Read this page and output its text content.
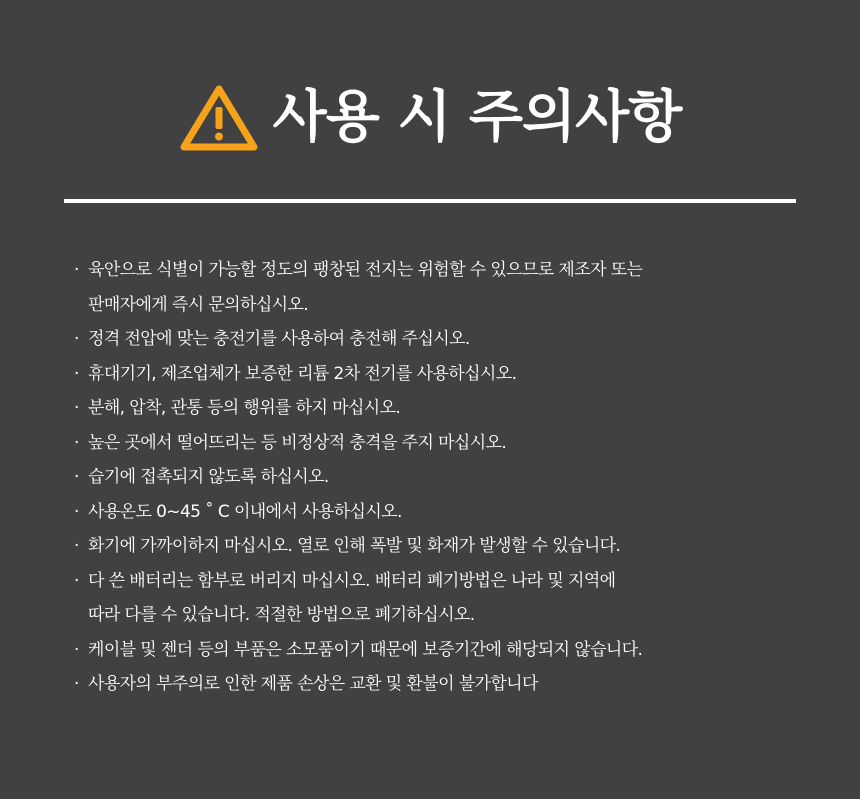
사용 시 주의사항
· 육안으로 식별이 가능할 정도의 팽창된 전지는 위험할 수 있으므로 제조자 또는
판매자에게 즉시 문의하십시오.
· 정격 전압에 맞는 충전기를 사용하여 충전해 주십시오.
· 휴대기기, 제조업체가 보증한 리튬 2차 전기를 사용하십시오.
· 분해, 압착, 관통 등의 행위를 하지 마십시오.
· 높은 곳에서 떨어뜨리는 등 비정상적 충격을 주지 마십시오.
· 습기에 접촉되지 않도록 하십시오.
· 사용온도 0~45 ˚ C 이내에서 사용하십시오.
· 화기에 가까이하지 마십시오. 열로 인해 폭발 및 화재가 발생할 수 있습니다.
· 다 쓴 배터리는 함부로 버리지 마십시오. 배터리 폐기방법은 나라 및 지역에
따라 다를 수 있습니다. 적절한 방법으로 폐기하십시오.
· 케이블 및 젠더 등의 부품은 소모품이기 때문에 보증기간에 해당되지 않습니다.
· 사용자의 부주의로 인한 제품 손상은 교환 및 환불이 불가합니다
